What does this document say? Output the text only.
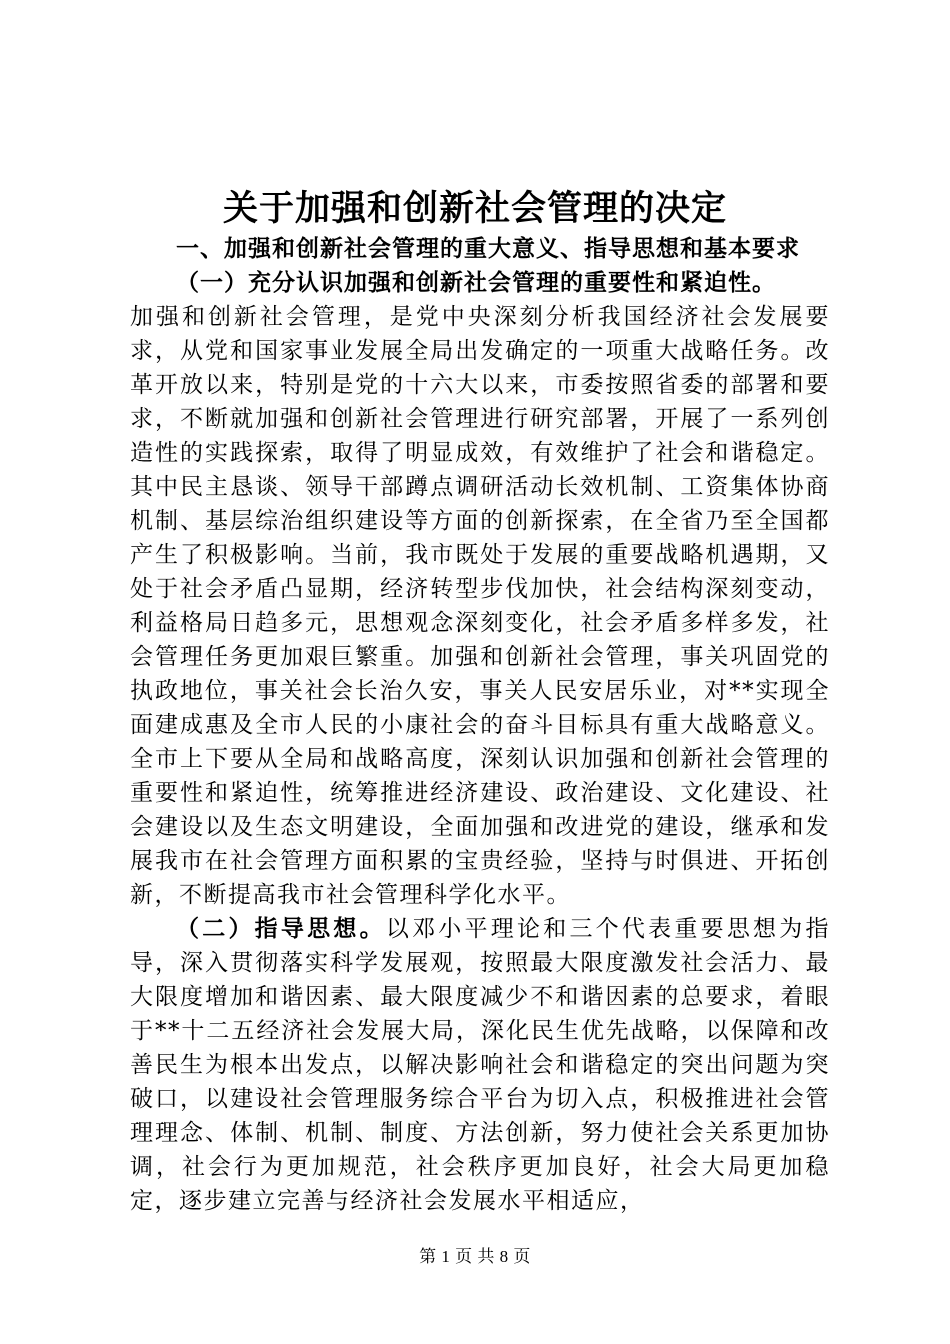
关于加强和创新社会管理的决定

一、加强和创新社会管理的重大意义、指导思想和基本要求

（一）充分认识加强和创新社会管理的重要性和紧迫性。

加强和创新社会管理，是党中央深刻分析我国经济社会发展要求，从党和国家事业发展全局出发确定的一项重大战略任务。改革开放以来，特别是党的十六大以来，市委按照省委的部署和要求，不断就加强和创新社会管理进行研究部署，开展了一系列创造性的实践探索，取得了明显成效，有效维护了社会和谐稳定。其中民主恳谈、领导干部蹲点调研活动长效机制、工资集体协商机制、基层综治组织建设等方面的创新探索，在全省乃至全国都产生了积极影响。当前，我市既处于发展的重要战略机遇期，又处于社会矛盾凸显期，经济转型步伐加快，社会结构深刻变动，利益格局日趋多元，思想观念深刻变化，社会矛盾多样多发，社会管理任务更加艰巨繁重。加强和创新社会管理，事关巩固党的执政地位，事关社会长治久安，事关人民安居乐业，对**实现全面建成惠及全市人民的小康社会的奋斗目标具有重大战略意义。全市上下要从全局和战略高度，深刻认识加强和创新社会管理的重要性和紧迫性，统筹推进经济建设、政治建设、文化建设、社会建设以及生态文明建设，全面加强和改进党的建设，继承和发展我市在社会管理方面积累的宝贵经验，坚持与时俱进、开拓创新，不断提高我市社会管理科学化水平。

（二）指导思想。以邓小平理论和三个代表重要思想为指导，深入贯彻落实科学发展观，按照最大限度激发社会活力、最大限度增加和谐因素、最大限度减少不和谐因素的总要求，着眼于**十二五经济社会发展大局，深化民生优先战略，以保障和改善民生为根本出发点，以解决影响社会和谐稳定的突出问题为突破口，以建设社会管理服务综合平台为切入点，积极推进社会管理理念、体制、机制、制度、方法创新，努力使社会关系更加协调，社会行为更加规范，社会秩序更加良好，社会大局更加稳定，逐步建立完善与经济社会发展水平相适应，

第 1 页 共 8 页
